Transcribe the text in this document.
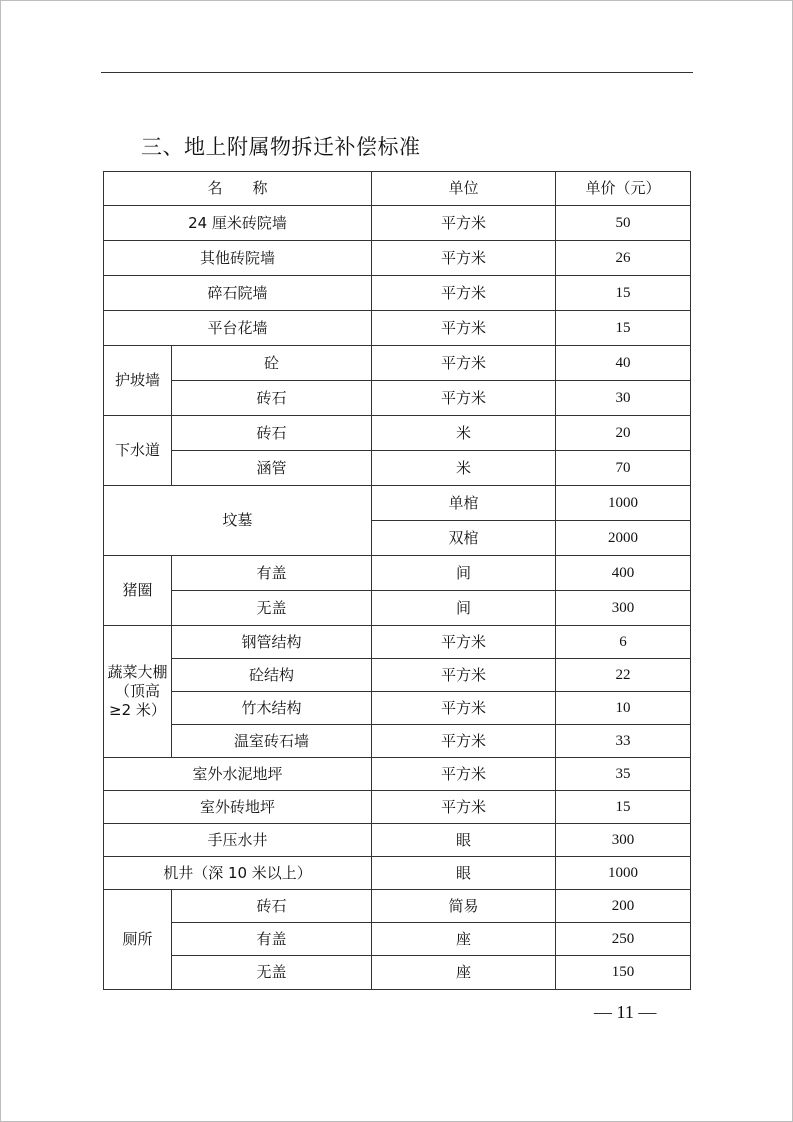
三、地上附属物拆迁补偿标准
名　　称		单位	单价（元）
24 厘米砖院墙		平方米	50
其他砖院墙		平方米	26
碎石院墙		平方米	15
平台花墙		平方米	15
护坡墙	砼	平方米	40
	砖石	平方米	30
下水道	砖石	米	20
	涵管	米	70
坟墓		单棺	1000
		双棺	2000
猪圈	有盖	间	400
	无盖	间	300
蔬菜大棚（顶高≥2 米）	钢管结构	平方米	6
	砼结构	平方米	22
	竹木结构	平方米	10
	温室砖石墙	平方米	33
室外水泥地坪		平方米	35
室外砖地坪		平方米	15
手压水井		眼	300
机井（深 10 米以上）		眼	1000
厕所	砖石	简易	200
	有盖	座	250
	无盖	座	150
— 11 —
